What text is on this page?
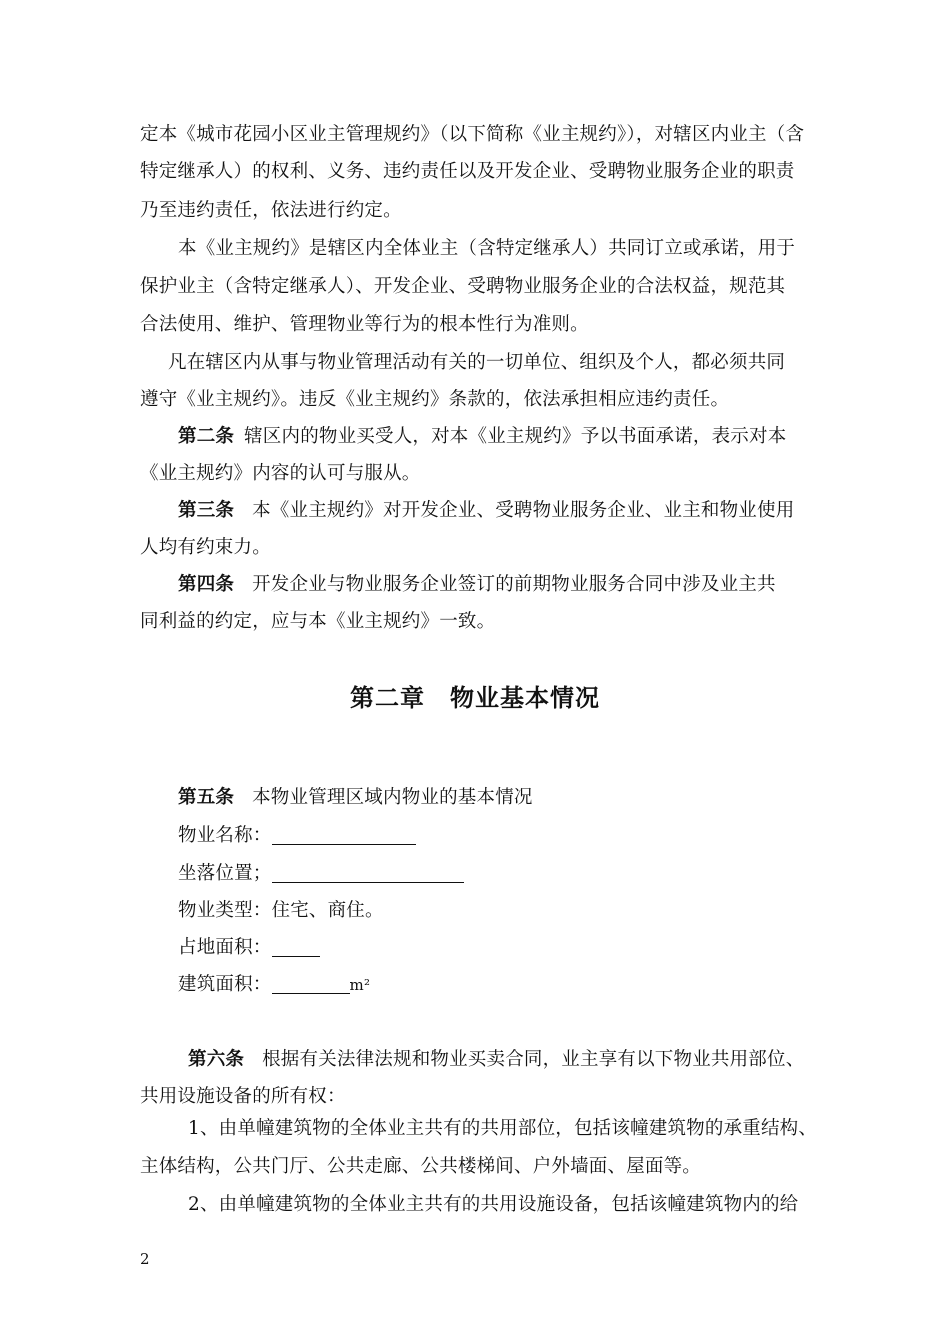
定本《城市花园小区业主管理规约》（以下简称《业主规约》），对辖区内业主（含
特定继承人）的权利、义务、违约责任以及开发企业、受聘物业服务企业的职责
乃至违约责任，依法进行约定。
本《业主规约》是辖区内全体业主（含特定继承人）共同订立或承诺，用于
保护业主（含特定继承人）、开发企业、受聘物业服务企业的合法权益，规范其
合法使用、维护、管理物业等行为的根本性行为准则。
凡在辖区内从事与物业管理活动有关的一切单位、组织及个人，都必须共同
遵守《业主规约》。违反《业主规约》条款的，依法承担相应违约责任。
第二条 辖区内的物业买受人，对本《业主规约》予以书面承诺，表示对本
《业主规约》内容的认可与服从。
第三条 本《业主规约》对开发企业、受聘物业服务企业、业主和物业使用
人均有约束力。
第四条 开发企业与物业服务企业签订的前期物业服务合同中涉及业主共
同利益的约定，应与本《业主规约》一致。
第二章　物业基本情况
第五条 本物业管理区域内物业的基本情况
物业名称：
坐落位置；
物业类型：住宅、商住。
占地面积：
建筑面积：	m²
第六条 根据有关法律法规和物业买卖合同，业主享有以下物业共用部位、
共用设施设备的所有权：
1、由单幢建筑物的全体业主共有的共用部位，包括该幢建筑物的承重结构、
主体结构，公共门厅、公共走廊、公共楼梯间、户外墙面、屋面等。
2、由单幢建筑物的全体业主共有的共用设施设备，包括该幢建筑物内的给
2
